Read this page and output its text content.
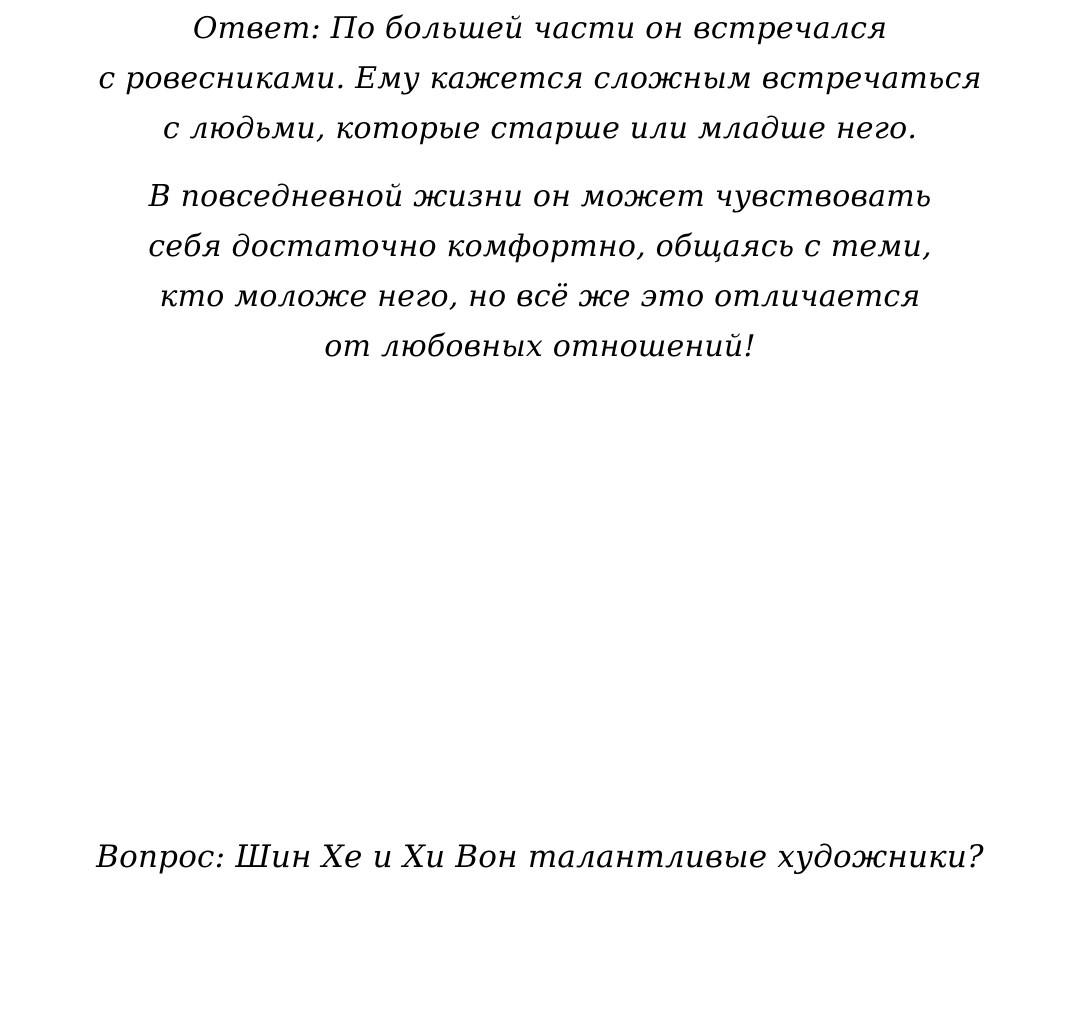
Ответ: По большей части он встречался
с ровесниками. Ему кажется сложным встречаться
с людьми, которые старше или младше него.
В повседневной жизни он может чувствовать
себя достаточно комфортно, общаясь с теми,
кто моложе него, но всё же это отличается
от любовных отношений!
Вопрос: Шин Хе и Хи Вон талантливые художники?
